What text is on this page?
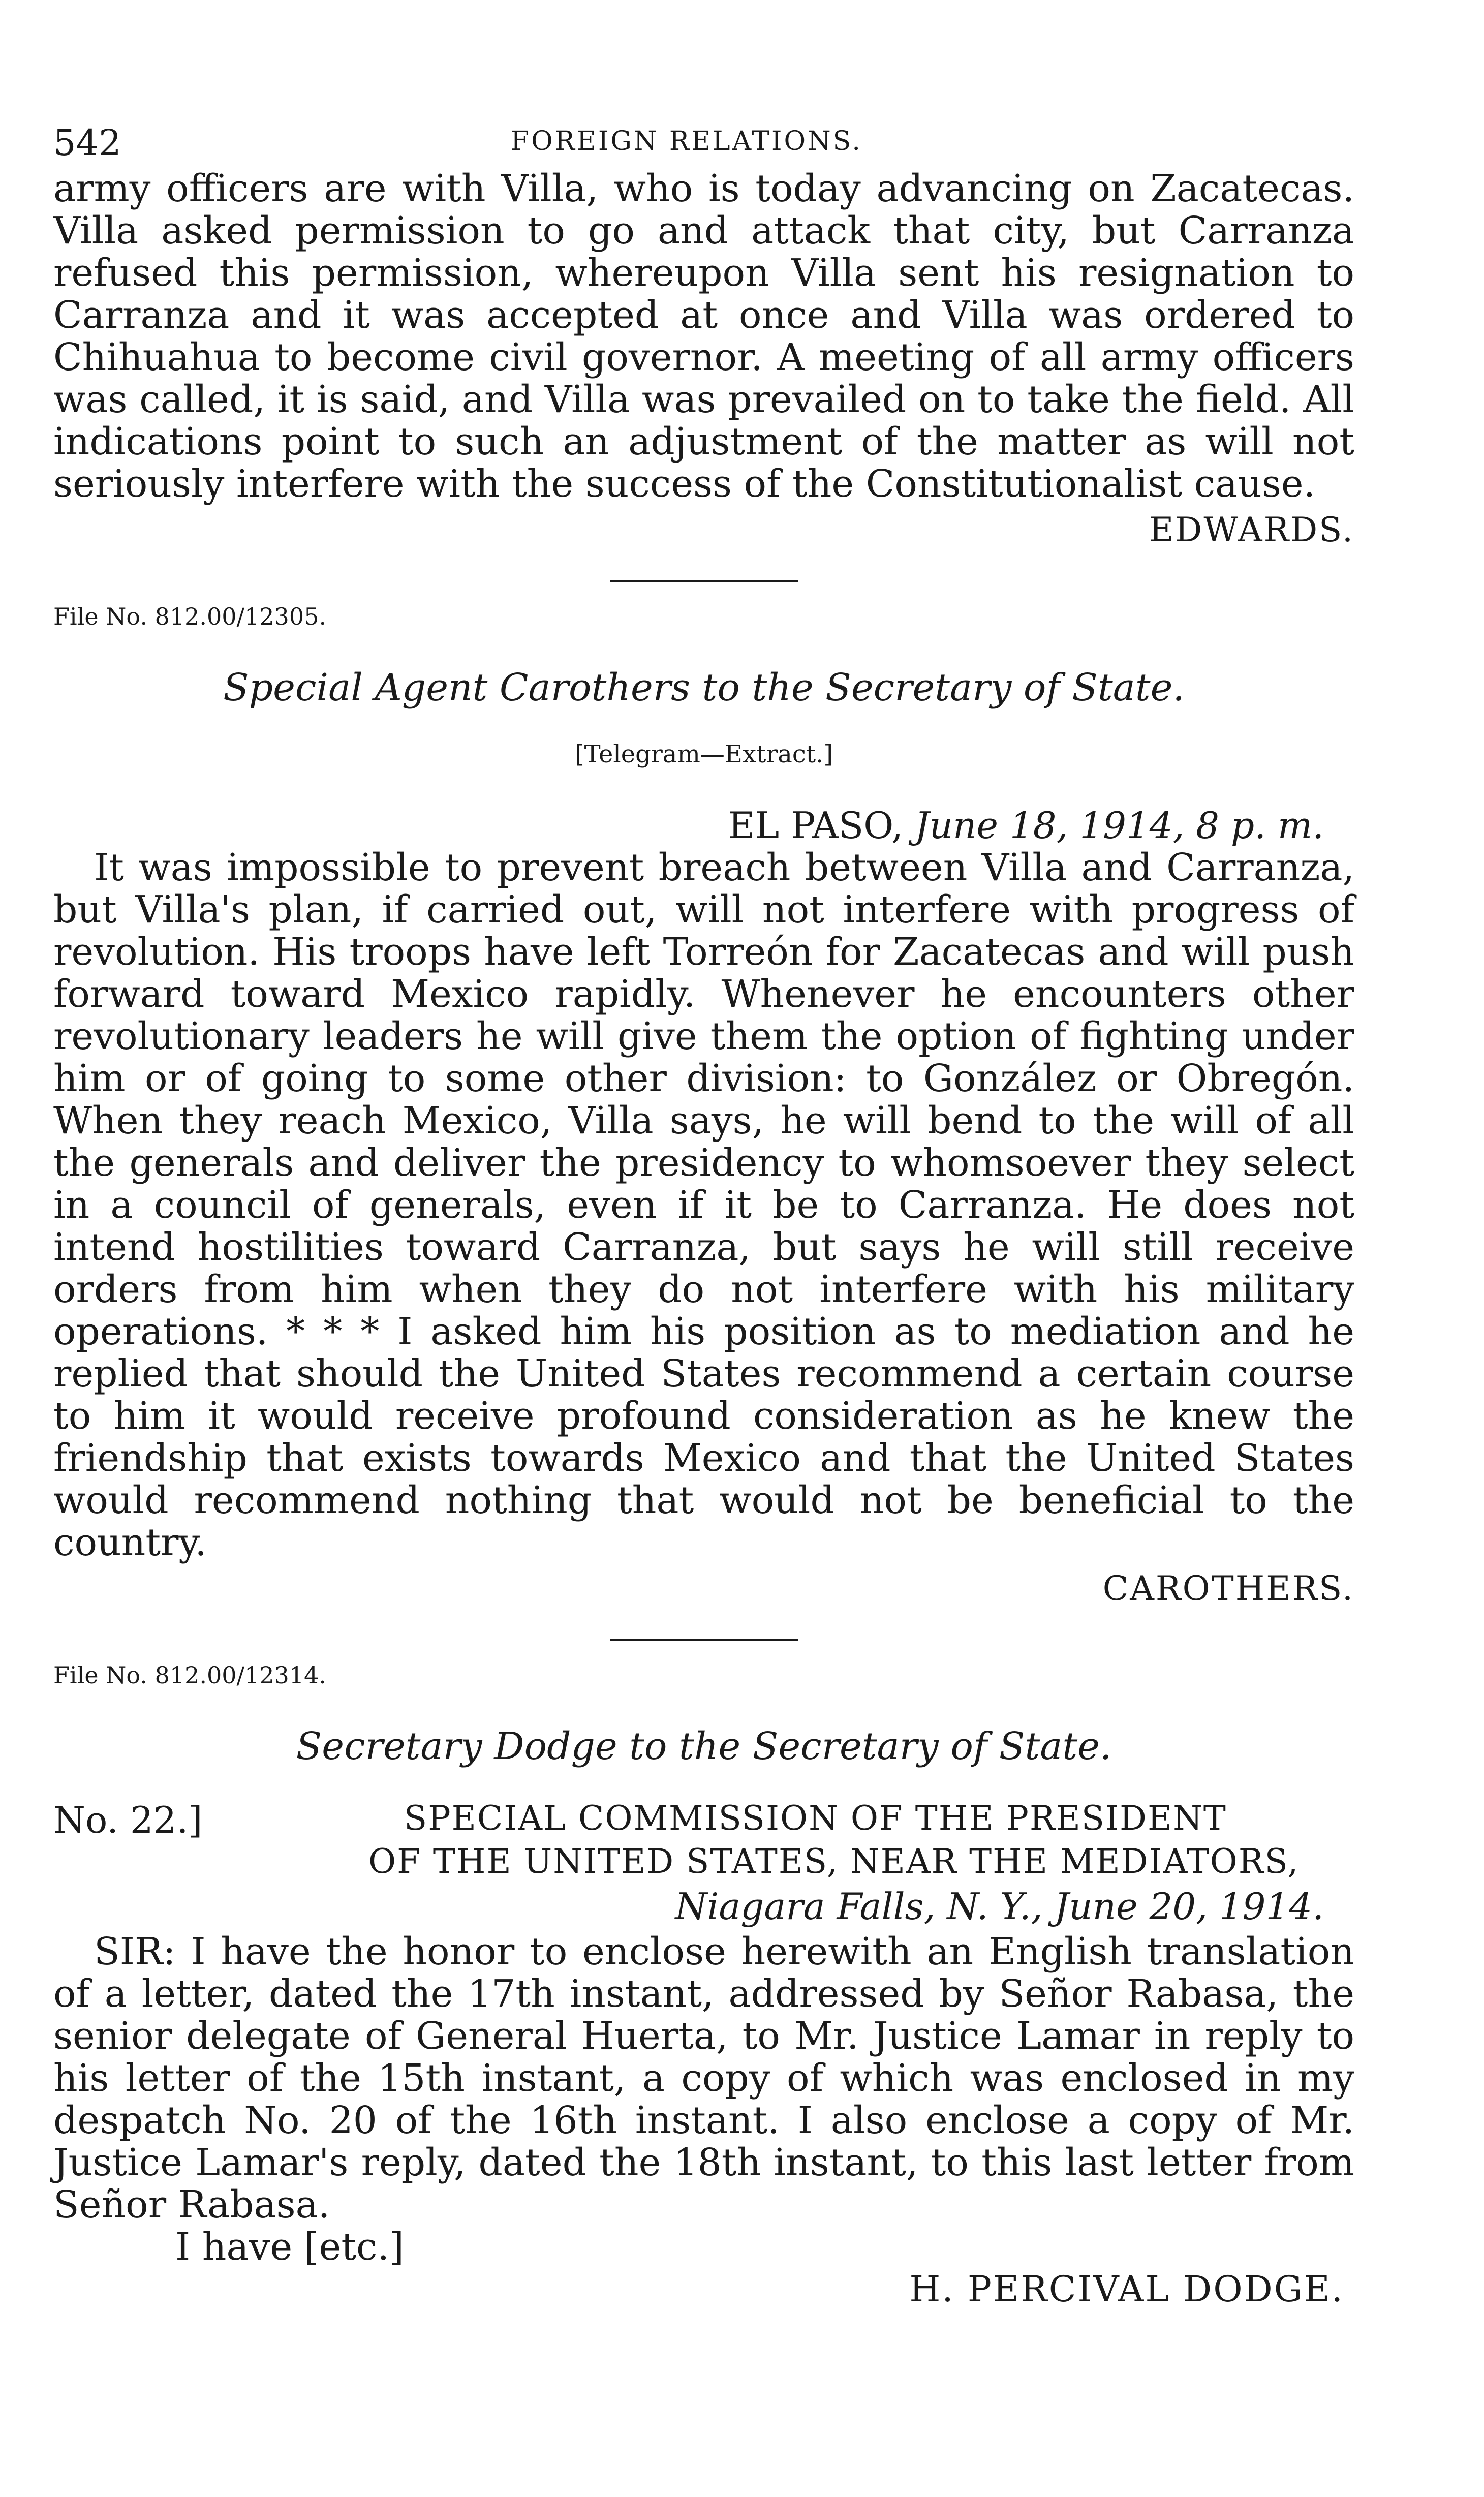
542	FOREIGN RELATIONS.

army officers are with Villa, who is today advancing on Zacatecas. Villa asked permission to go and attack that city, but Carranza refused this permission, whereupon Villa sent his resignation to Carranza and it was accepted at once and Villa was ordered to Chihuahua to become civil governor. A meeting of all army officers was called, it is said, and Villa was prevailed on to take the field. All indications point to such an adjustment of the matter as will not seriously interfere with the success of the Constitutionalist cause.

EDWARDS.

File No. 812.00/12305.

Special Agent Carothers to the Secretary of State.

[Telegram—Extract.]

EL PASO, June 18, 1914, 8 p. m.

It was impossible to prevent breach between Villa and Carranza, but Villa's plan, if carried out, will not interfere with progress of revolution. His troops have left Torreón for Zacatecas and will push forward toward Mexico rapidly. Whenever he encounters other revolutionary leaders he will give them the option of fighting under him or of going to some other division: to González or Obregón. When they reach Mexico, Villa says, he will bend to the will of all the generals and deliver the presidency to whomsoever they select in a council of generals, even if it be to Carranza. He does not intend hostilities toward Carranza, but says he will still receive orders from him when they do not interfere with his military operations. * * * I asked him his position as to mediation and he replied that should the United States recommend a certain course to him it would receive profound consideration as he knew the friendship that exists towards Mexico and that the United States would recommend nothing that would not be beneficial to the country.

CAROTHERS.

File No. 812.00/12314.

Secretary Dodge to the Secretary of State.

No. 22.]	SPECIAL COMMISSION OF THE PRESIDENT
OF THE UNITED STATES, NEAR THE MEDIATORS,
Niagara Falls, N. Y., June 20, 1914.

SIR: I have the honor to enclose herewith an English translation of a letter, dated the 17th instant, addressed by Señor Rabasa, the senior delegate of General Huerta, to Mr. Justice Lamar in reply to his letter of the 15th instant, a copy of which was enclosed in my despatch No. 20 of the 16th instant. I also enclose a copy of Mr. Justice Lamar's reply, dated the 18th instant, to this last letter from Señor Rabasa.

I have [etc.]

H. PERCIVAL DODGE.
